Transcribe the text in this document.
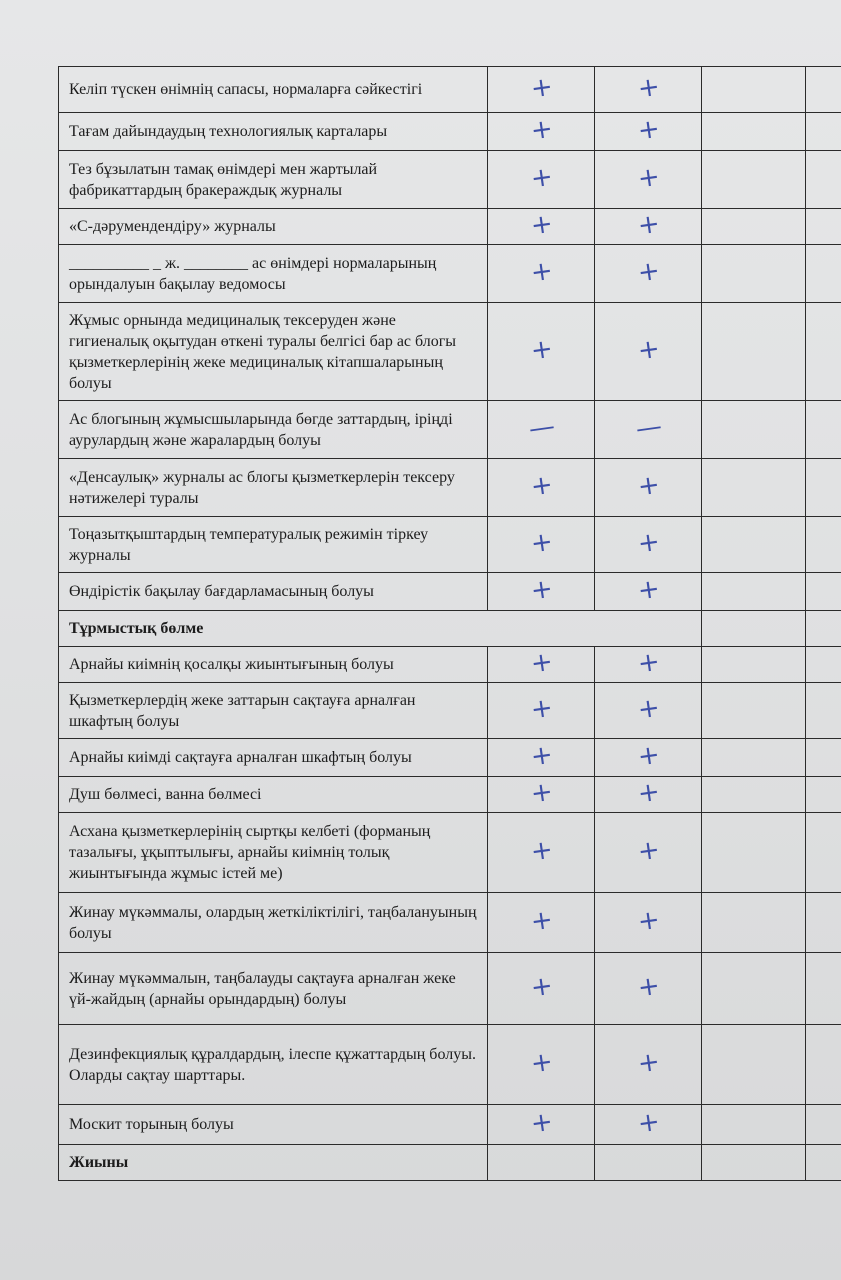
Келіп түскен өнімнің сапасы, нормаларға сәйкестігі	+	+		
Тағам дайындаудың технологиялық карталары	+	+		
Тез бұзылатын тамақ өнімдері мен жартылай фабрикаттардың бракераждық журналы	+	+		
«С-дәрумендендіру» журналы	+	+		
__________ _ ж. ________ ас өнімдері нормаларының орындалуын бақылау ведомосы	+	+		
Жұмыс орнында медициналық тексеруден және гигиеналық оқытудан өткені туралы белгісі бар ас блогы қызметкерлерінің жеке медициналық кітапшаларының болуы	+	+		
Ас блогының жұмысшыларында бөгде заттардың, іріңді аурулардың және жаралардың болуы	—	—		
«Денсаулық» журналы ас блогы қызметкерлерін тексеру нәтижелері туралы	+	+		
Тоңазытқыштардың температуралық режимін тіркеу журналы	+	+		
Өндірістік бақылау бағдарламасының болуы	+	+		
Тұрмыстық бөлме				
Арнайы киімнің қосалқы жиынтығының болуы	+	+		
Қызметкерлердің жеке заттарын сақтауға арналған шкафтың болуы	+	+		
Арнайы киімді сақтауға арналған шкафтың болуы	+	+		
Душ бөлмесі, ванна бөлмесі	+	+		
Асхана қызметкерлерінің сыртқы келбеті (форманың тазалығы, ұқыптылығы, арнайы киімнің толық жиынтығында жұмыс істей ме)	+	+		
Жинау мүкәммалы, олардың жеткіліктілігі, таңбалануының болуы	+	+		
Жинау мүкәммалын, таңбалауды сақтауға арналған жеке үй-жайдың (арнайы орындардың) болуы	+	+		
Дезинфекциялық құралдардың, ілеспе құжаттардың болуы. Оларды сақтау шарттары.	+	+		
Москит торының болуы	+	+		
Жиыны				
